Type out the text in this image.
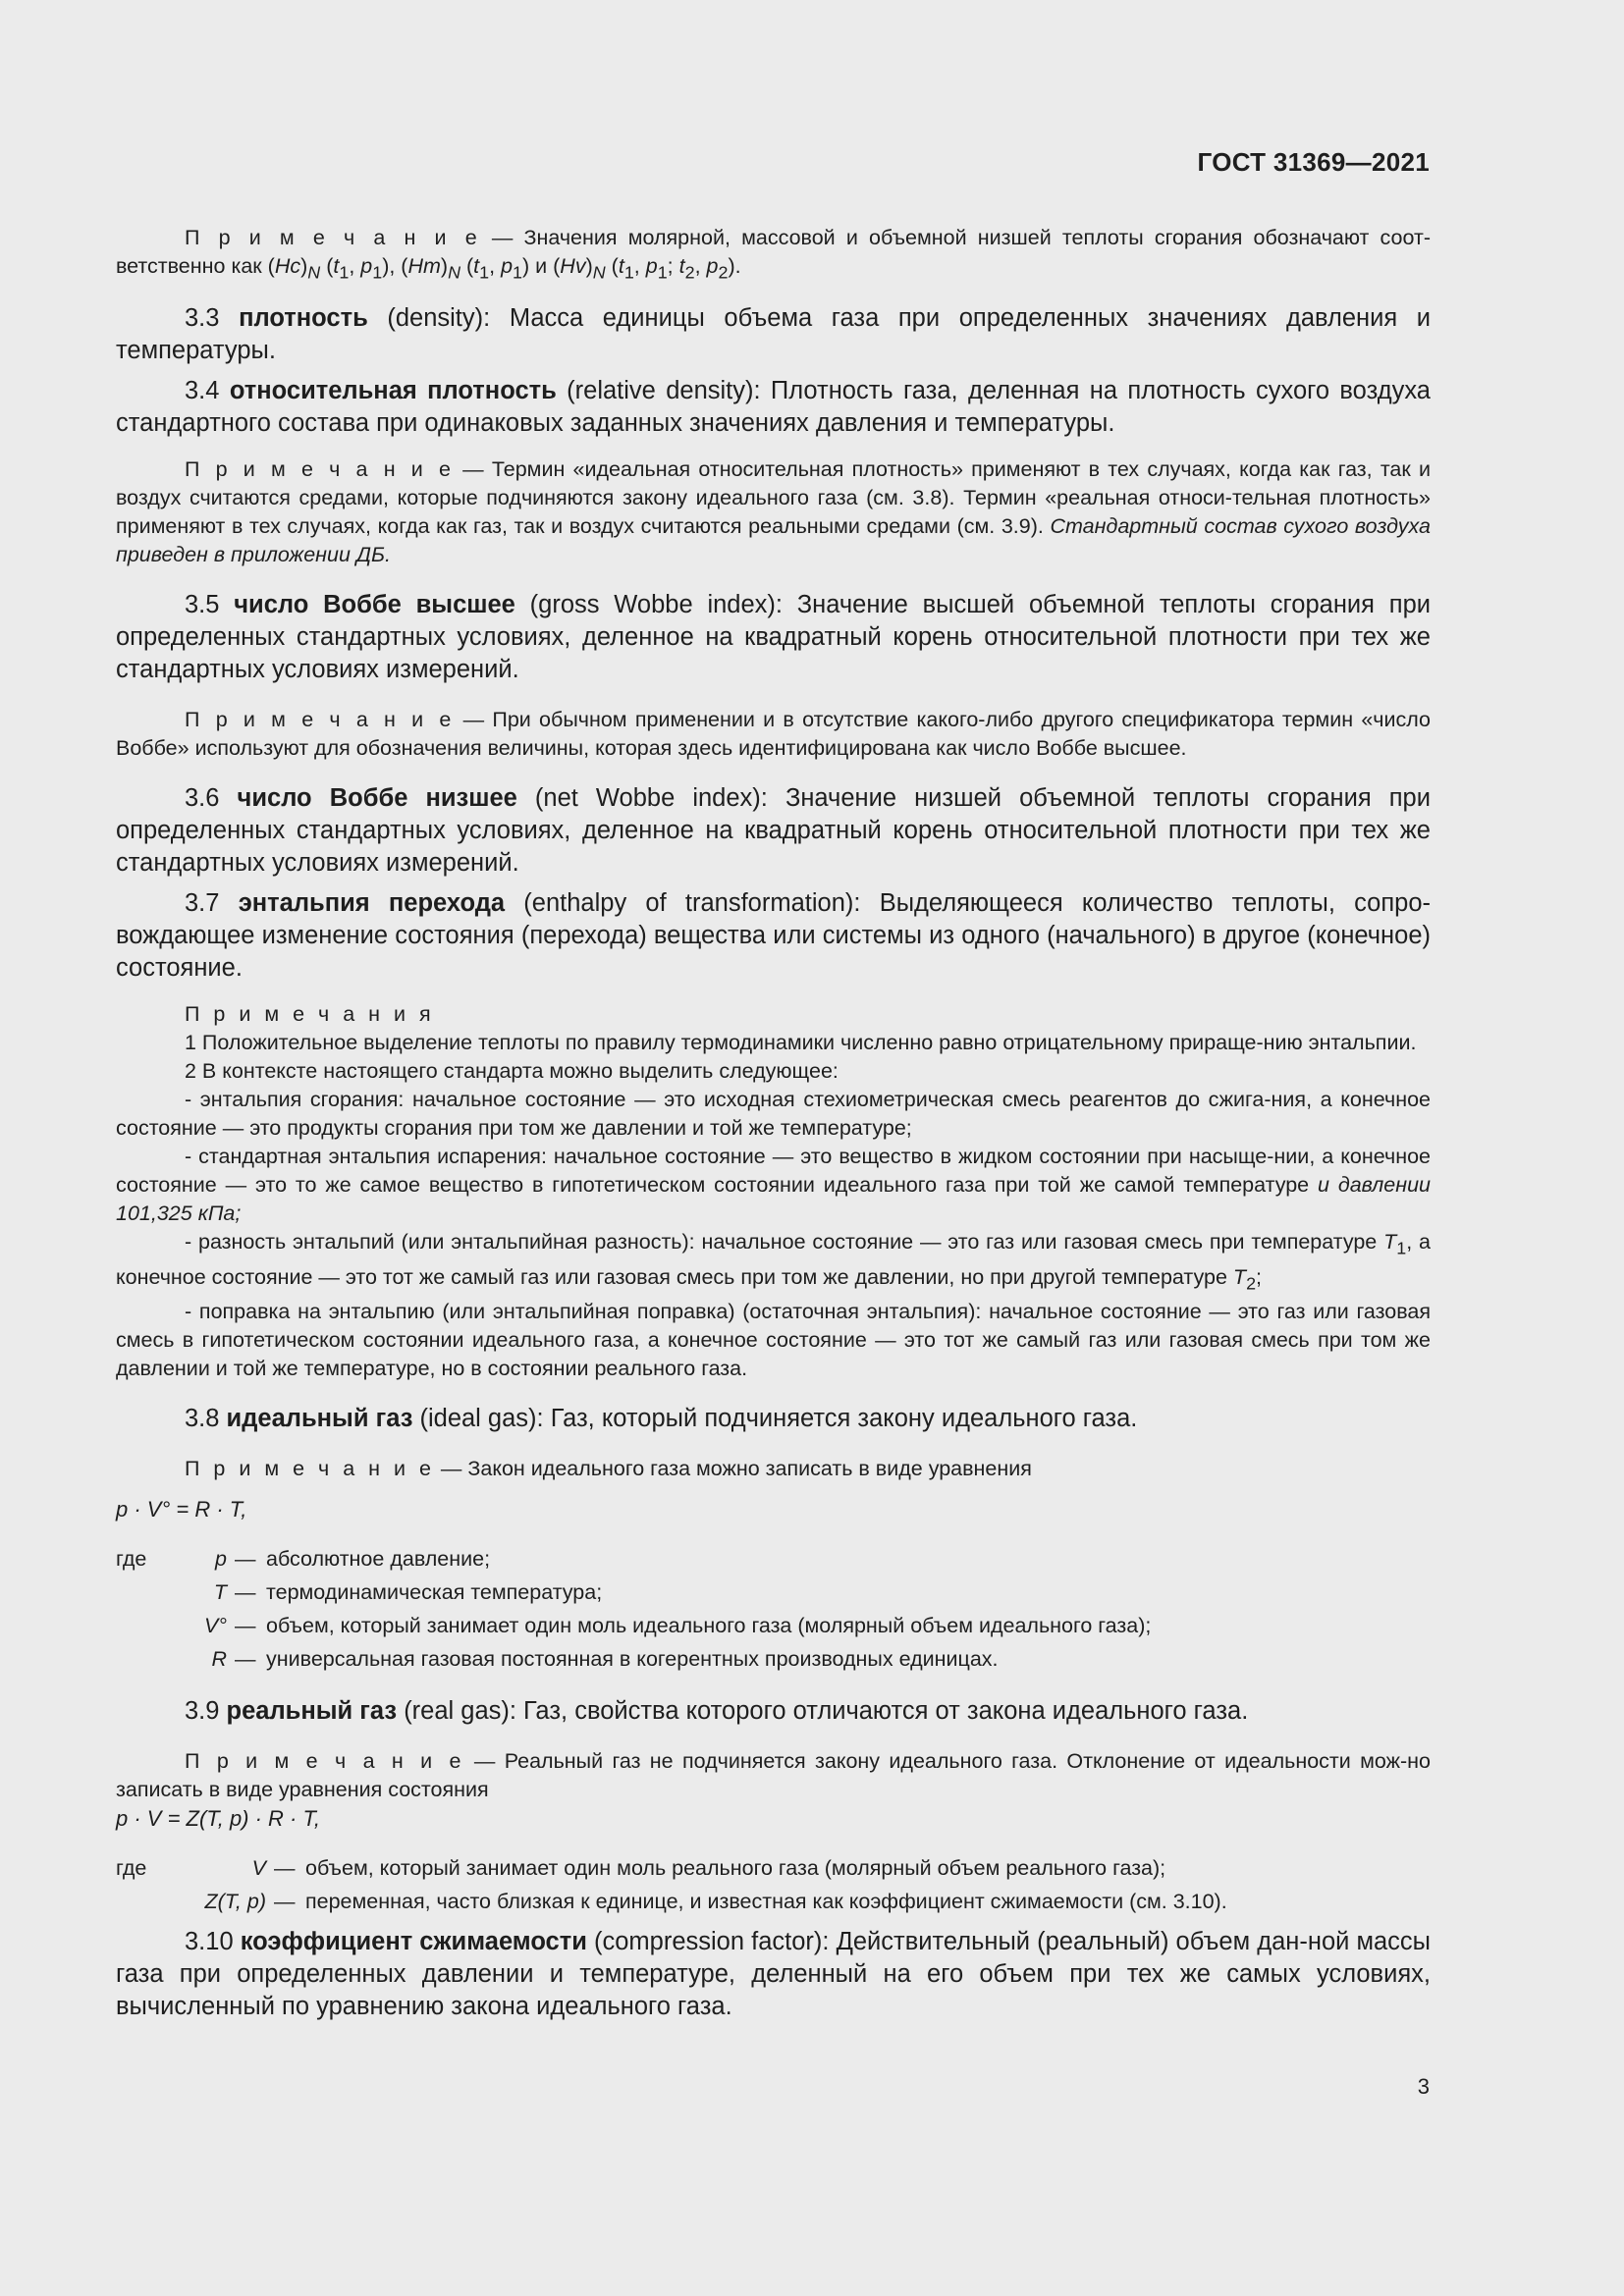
ГОСТ 31369—2021

П р и м е ч а н и е — Значения молярной, массовой и объемной низшей теплоты сгорания обозначают соот-ветственно как $(Hc)_N$ ($t_1$, $p_1$), $(Hm)_N$ ($t_1$, $p_1$) и $(Hv)_N$ ($t_1$, $p_1$; $t_2$, $p_2$).

3.3 плотность (density): Масса единицы объема газа при определенных значениях давления и температуры.

3.4 относительная плотность (relative density): Плотность газа, деленная на плотность сухого воздуха стандартного состава при одинаковых заданных значениях давления и температуры.

П р и м е ч а н и е — Термин «идеальная относительная плотность» применяют в тех случаях, когда как газ, так и воздух считаются средами, которые подчиняются закону идеального газа (см. 3.8). Термин «реальная относи-тельная плотность» применяют в тех случаях, когда как газ, так и воздух считаются реальными средами (см. 3.9). Стандартный состав сухого воздуха приведен в приложении ДБ.

3.5 число Воббе высшее (gross Wobbe index): Значение высшей объемной теплоты сгорания при определенных стандартных условиях, деленное на квадратный корень относительной плотности при тех же стандартных условиях измерений.

П р и м е ч а н и е — При обычном применении и в отсутствие какого-либо другого спецификатора термин «число Воббе» используют для обозначения величины, которая здесь идентифицирована как число Воббе высшее.

3.6 число Воббе низшее (net Wobbe index): Значение низшей объемной теплоты сгорания при определенных стандартных условиях, деленное на квадратный корень относительной плотности при тех же стандартных условиях измерений.

3.7 энтальпия перехода (enthalpy of transformation): Выделяющееся количество теплоты, сопро-вождающее изменение состояния (перехода) вещества или системы из одного (начального) в другое (конечное) состояние.

П р и м е ч а н и я

1 Положительное выделение теплоты по правилу термодинамики численно равно отрицательному прираще-нию энтальпии.

2 В контексте настоящего стандарта можно выделить следующее:

- энтальпия сгорания: начальное состояние — это исходная стехиометрическая смесь реагентов до сжига-ния, а конечное состояние — это продукты сгорания при том же давлении и той же температуре;

- стандартная энтальпия испарения: начальное состояние — это вещество в жидком состоянии при насыще-нии, а конечное состояние — это то же самое вещество в гипотетическом состоянии идеального газа при той же самой температуре и давлении 101,325 кПа;

- разность энтальпий (или энтальпийная разность): начальное состояние — это газ или газовая смесь при температуре $T_1$, а конечное состояние — это тот же самый газ или газовая смесь при том же давлении, но при другой температуре $T_2$;

- поправка на энтальпию (или энтальпийная поправка) (остаточная энтальпия): начальное состояние — это газ или газовая смесь в гипотетическом состоянии идеального газа, а конечное состояние — это тот же самый газ или газовая смесь при том же давлении и той же температуре, но в состоянии реального газа.

3.8 идеальный газ (ideal gas): Газ, который подчиняется закону идеального газа.

П р и м е ч а н и е — Закон идеального газа можно записать в виде уравнения

p · V° = R · T,

где	p	—	абсолютное давление;
	T	—	термодинамическая температура;
	V°	—	объем, который занимает один моль идеального газа (молярный объем идеального газа);
	R	—	универсальная газовая постоянная в когерентных производных единицах.

3.9 реальный газ (real gas): Газ, свойства которого отличаются от закона идеального газа.

П р и м е ч а н и е — Реальный газ не подчиняется закону идеального газа. Отклонение от идеальности мож-но записать в виде уравнения состояния

p · V = Z(T, p) · R · T,

где	V	—	объем, который занимает один моль реального газа (молярный объем реального газа);
	Z(T, p)	—	переменная, часто близкая к единице, и известная как коэффициент сжимаемости (см. 3.10).

3.10 коэффициент сжимаемости (compression factor): Действительный (реальный) объем дан-ной массы газа при определенных давлении и температуре, деленный на его объем при тех же самых условиях, вычисленный по уравнению закона идеального газа.

3
